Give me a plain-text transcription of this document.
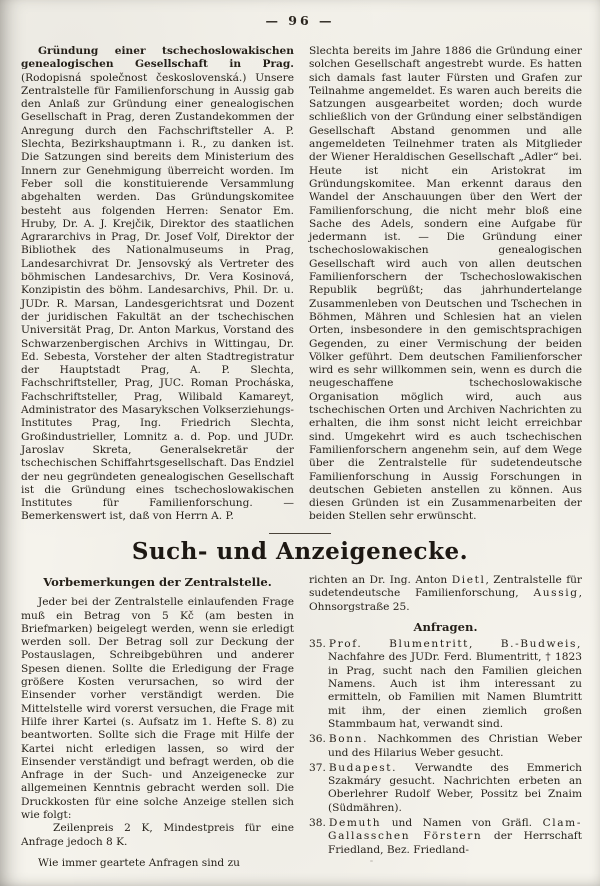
— 96 —

Gründung einer tschechoslowakischen genealogischen Gesellschaft in Prag. (Rodopisná společnost československá.) Unsere Zentralstelle für Familienforschung in Aussig gab den Anlaß zur Gründung einer genealogischen Gesellschaft in Prag, deren Zustandekommen der Anregung durch den Fachschriftsteller A. P. Slechta, Bezirkshauptmann i. R., zu danken ist. Die Satzungen sind bereits dem Ministerium des Innern zur Genehmigung überreicht worden. Im Feber soll die konstituierende Versammlung abgehalten werden. Das Gründungskomitee besteht aus folgenden Herren: Senator Em. Hruby, Dr. A. J. Krejčik, Direktor des staatlichen Agrararchivs in Prag, Dr. Josef Volf, Direktor der Bibliothek des Nationalmuseums in Prag, Landesarchivrat Dr. Jensovský als Vertreter des böhmischen Landesarchivs, Dr. Vera Kosinová, Konzipistin des böhm. Landesarchivs, Phil. Dr. u. JUDr. R. Marsan, Landesgerichtsrat und Dozent der juridischen Fakultät an der tschechischen Universität Prag, Dr. Anton Markus, Vorstand des Schwarzenbergischen Archivs in Wittingau, Dr. Ed. Sebesta, Vorsteher der alten Stadtregistratur der Hauptstadt Prag, A. P. Slechta, Fachschriftsteller, Prag, JUC. Roman Procháska, Fachschriftsteller, Prag, Wilibald Kamareyt, Administrator des Masarykschen Volkserziehungs-Institutes Prag, Ing. Friedrich Slechta, Großindustrieller, Lomnitz a. d. Pop. und JUDr. Jaroslav Skreta, Generalsekretär der tschechischen Schiffahrtsgesellschaft. Das Endziel der neu gegründeten genealogischen Gesellschaft ist die Gründung eines tschechoslowakischen Institutes für Familienforschung. — Bemerkenswert ist, daß von Herrn A. P.

Slechta bereits im Jahre 1886 die Gründung einer solchen Gesellschaft angestrebt wurde. Es hatten sich damals fast lauter Fürsten und Grafen zur Teilnahme angemeldet. Es waren auch bereits die Satzungen ausgearbeitet worden; doch wurde schließlich von der Gründung einer selbständigen Gesellschaft Abstand genommen und alle angemeldeten Teilnehmer traten als Mitglieder der Wiener Heraldischen Gesellschaft „Adler“ bei. Heute ist nicht ein Aristokrat im Gründungskomitee. Man erkennt daraus den Wandel der Anschauungen über den Wert der Familienforschung, die nicht mehr bloß eine Sache des Adels, sondern eine Aufgabe für jedermann ist. — Die Gründung einer tschechoslowakischen genealogischen Gesellschaft wird auch von allen deutschen Familienforschern der Tschechoslowakischen Republik begrüßt; das jahrhundertelange Zusammenleben von Deutschen und Tschechen in Böhmen, Mähren und Schlesien hat an vielen Orten, insbesondere in den gemischtsprachigen Gegenden, zu einer Vermischung der beiden Völker geführt. Dem deutschen Familienforscher wird es sehr willkommen sein, wenn es durch die neugeschaffene tschechoslowakische Organisation möglich wird, auch aus tschechischen Orten und Archiven Nachrichten zu erhalten, die ihm sonst nicht leicht erreichbar sind. Umgekehrt wird es auch tschechischen Familienforschern angenehm sein, auf dem Wege über die Zentralstelle für sudetendeutsche Familienforschung in Aussig Forschungen in deutschen Gebieten anstellen zu können. Aus diesen Gründen ist ein Zusammenarbeiten der beiden Stellen sehr erwünscht.

Such- und Anzeigenecke.
Vorbemerkungen der Zentralstelle.

Jeder bei der Zentralstelle einlaufenden Frage muß ein Betrag von 5 Kč (am besten in Briefmarken) beigelegt werden, wenn sie erledigt werden soll. Der Betrag soll zur Deckung der Postauslagen, Schreibgebühren und anderer Spesen dienen. Sollte die Erledigung der Frage größere Kosten verursachen, so wird der Einsender vorher verständigt werden. Die Mittelstelle wird vorerst versuchen, die Frage mit Hilfe ihrer Kartei (s. Aufsatz im 1. Hefte S. 8) zu beantworten. Sollte sich die Frage mit Hilfe der Kartei nicht erledigen lassen, so wird der Einsender verständigt und befragt werden, ob die Anfrage in der Such- und Anzeigenecke zur allgemeinen Kenntnis gebracht werden soll. Die Druckkosten für eine solche Anzeige stellen sich wie folgt:

Zeilenpreis 2 K, Mindestpreis für eine Anfrage jedoch 8 K.

Wie immer geartete Anfragen sind zu

richten an Dr. Ing. Anton Dietl, Zentralstelle für sudetendeutsche Familienforschung, Aussig, Ohnsorgstraße 25.

Anfragen.
35. Prof. Blumentritt, B.-Budweis, Nachfahre des JUDr. Ferd. Blumentritt, † 1823 in Prag, sucht nach den Familien gleichen Namens. Auch ist ihm interessant zu ermitteln, ob Familien mit Namen Blumtritt mit ihm, der einen ziemlich großen Stammbaum hat, verwandt sind.
36. Bonn. Nachkommen des Christian Weber und des Hilarius Weber gesucht.
37. Budapest. Verwandte des Emmerich Szakmáry gesucht. Nachrichten erbeten an Oberlehrer Rudolf Weber, Possitz bei Znaim (Südmähren).
38. Demuth und Namen von Gräfl. Clam-Gallasschen Förstern der Herrschaft Friedland, Bez. Friedland-
